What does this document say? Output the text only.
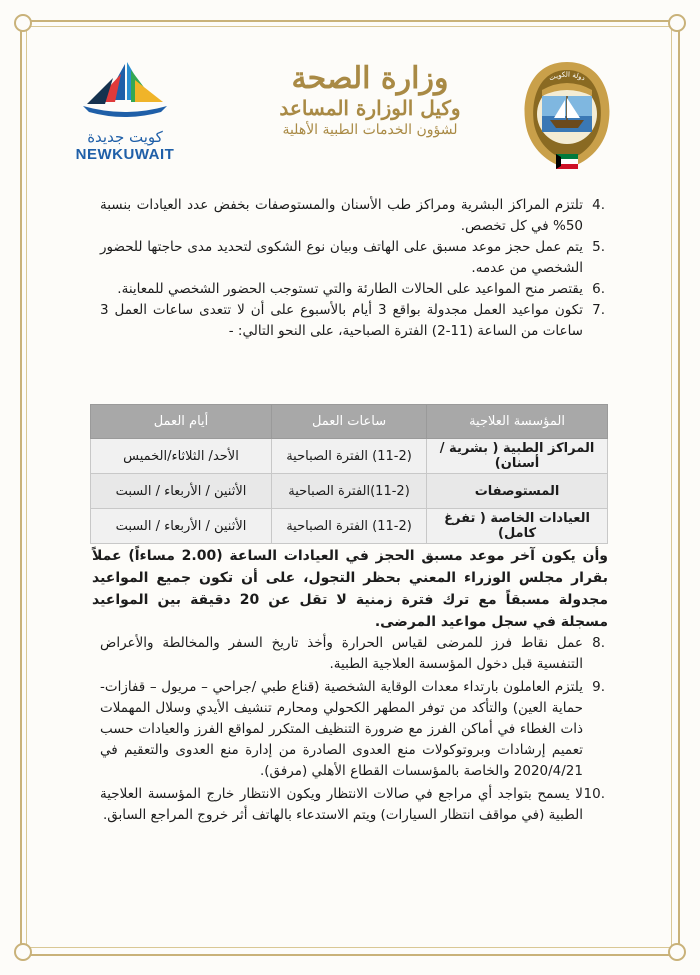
كويت جديدة
NEWKUWAIT
وزارة الصحة
وكيل الوزارة المساعد
لشؤون الخدمات الطبية الأهلية
دولة الكويت
.4
تلتزم المراكز البشرية ومراكز طب الأسنان والمستوصفات بخفض عدد العيادات بنسبة 50% في كل تخصص.
.5
يتم عمل حجز موعد مسبق على الهاتف وبيان نوع الشكوى لتحديد مدى حاجتها للحضور الشخصي من عدمه.
.6
يقتصر منح المواعيد على الحالات الطارئة والتي تستوجب الحضور الشخصي للمعاينة.
.7
تكون مواعيد العمل مجدولة بواقع 3 أيام بالأسبوع على أن لا تتعدى ساعات العمل 3 ساعات من الساعة (11-2) الفترة الصباحية، على النحو التالي: -
المؤسسة العلاجية	ساعات العمل	أيام العمل
المراكز الطبية ( بشرية / أسنان)	(11-2) الفترة الصباحية	الأحد/ الثلاثاء/الخميس
المستوصفات	(11-2)الفترة الصباحية	الأثنين / الأربعاء / السبت
العيادات الخاصة ( تفرغ كامل)	(11-2) الفترة الصباحية	الأثنين / الأربعاء / السبت
وأن يكون آخر موعد مسبق الحجز في العيادات الساعة (2.00 مساءاً) عملاً بقرار مجلس الوزراء المعني بحظر التجول، على أن تكون جميع المواعيد مجدولة مسبقاً مع ترك فترة زمنية لا تقل عن 20 دقيقة بين المواعيد مسجلة في سجل مواعيد المرضى.
.8
عمل نقاط فرز للمرضى لقياس الحرارة وأخذ تاريخ السفر والمخالطة والأعراض التنفسية قبل دخول المؤسسة العلاجية الطبية.
.9
يلتزم العاملون بارتداء معدات الوقاية الشخصية (قناع طبي /جراحي – مريول – قفازات- حماية العين) والتأكد من توفر المطهر الكحولي ومحارم تنشيف الأيدي وسلال المهملات ذات الغطاء في أماكن الفرز مع ضرورة التنظيف المتكرر لمواقع الفرز والعيادات حسب تعميم إرشادات وبروتوكولات منع العدوى الصادرة من إدارة منع العدوى والتعقيم في 2020/4/21 والخاصة بالمؤسسات القطاع الأهلي (مرفق).
.10
لا يسمح بتواجد أي مراجع في صالات الانتظار ويكون الانتظار خارج المؤسسة العلاجية الطبية (في مواقف انتظار السيارات) ويتم الاستدعاء بالهاتف أثر خروج المراجع السابق.
